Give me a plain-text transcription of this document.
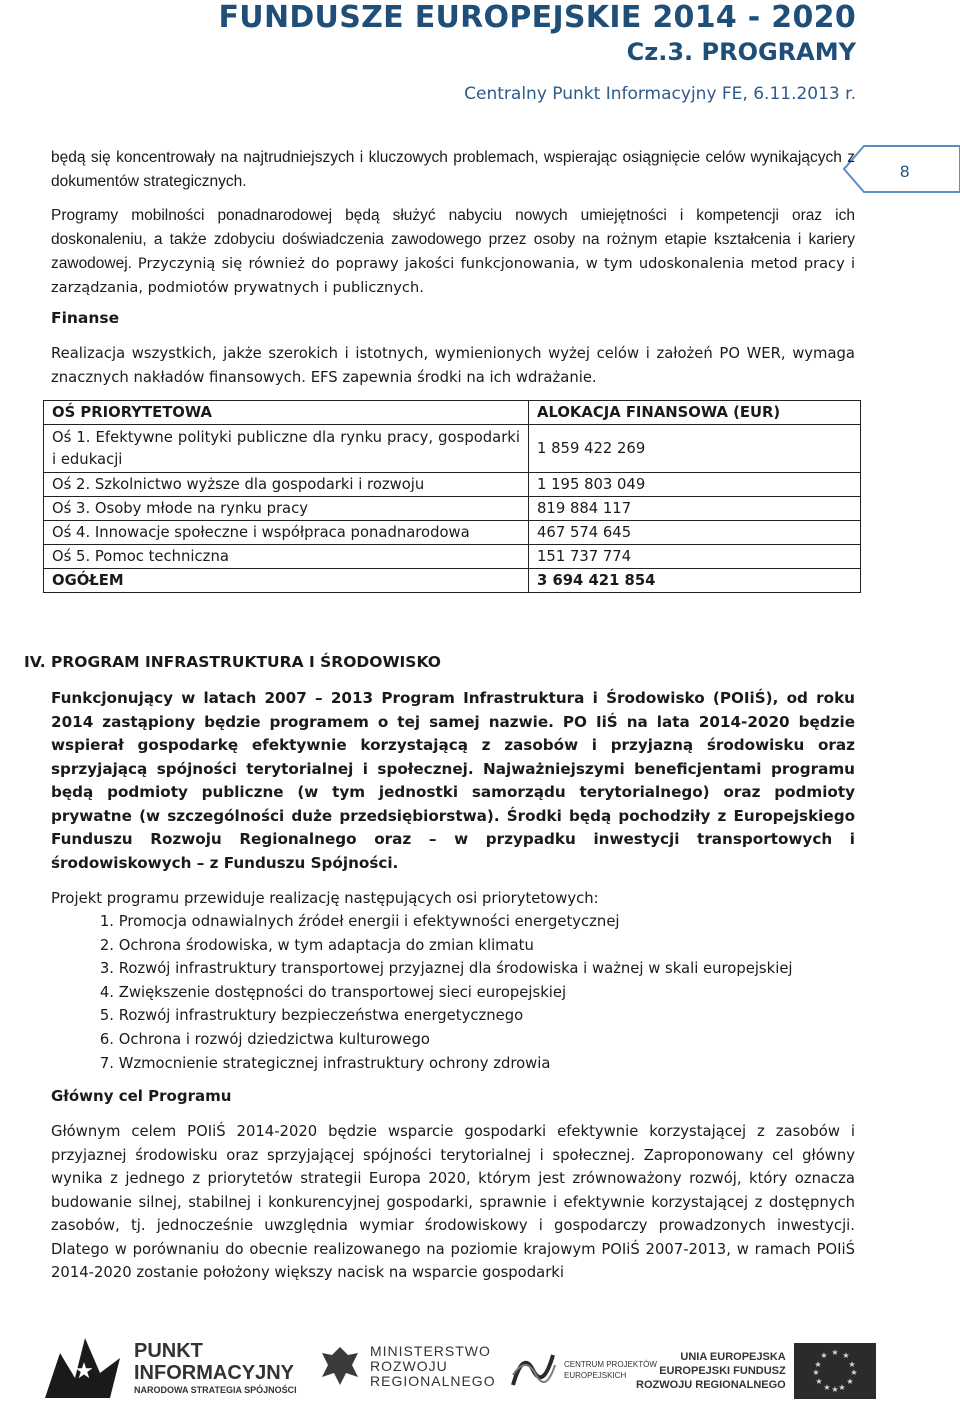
FUNDUSZE EUROPEJSKIE 2014 - 2020
Cz.3. PROGRAMY
Centralny Punkt Informacyjny FE, 6.11.2013 r.
8

będą się koncentrowały na najtrudniejszych i kluczowych problemach, wspierając osiągnięcie celów wynikających z dokumentów strategicznych.

Programy mobilności ponadnarodowej będą służyć nabyciu nowych umiejętności i kompetencji oraz ich doskonaleniu, a także zdobyciu doświadczenia zawodowego przez osoby na rożnym etapie kształcenia i kariery zawodowej. Przyczynią się również do poprawy jakości funkcjonowania, w tym udoskonalenia metod pracy i zarządzania, podmiotów prywatnych i publicznych.

Finanse

Realizacja wszystkich, jakże szerokich i istotnych, wymienionych wyżej celów i założeń PO WER, wymaga znacznych nakładów finansowych. EFS zapewnia środki na ich wdrażanie.

OŚ PRIORYTETOWA	ALOKACJA FINANSOWA (EUR)
Oś 1. Efektywne polityki publiczne dla rynku pracy, gospodarki i edukacji	1 859 422 269
Oś 2. Szkolnictwo wyższe dla gospodarki i rozwoju	1 195 803 049
Oś 3. Osoby młode na rynku pracy	819 884 117
Oś 4. Innowacje społeczne i współpraca ponadnarodowa	467 574 645
Oś 5. Pomoc techniczna	151 737 774
OGÓŁEM	3 694 421 854
IV. PROGRAM INFRASTRUKTURA I ŚRODOWISKO

Funkcjonujący w latach 2007 – 2013 Program Infrastruktura i Środowisko (POIiŚ), od roku 2014 zastąpiony będzie programem o tej samej nazwie. PO IiŚ na lata 2014-2020 będzie wspierał gospodarkę efektywnie korzystającą z zasobów i przyjazną środowisku oraz sprzyjającą spójności terytorialnej i społecznej. Najważniejszymi beneficjentami programu będą podmioty publiczne (w tym jednostki samorządu terytorialnego) oraz podmioty prywatne (w szczególności duże przedsiębiorstwa). Środki będą pochodziły z Europejskiego Funduszu Rozwoju Regionalnego oraz – w przypadku inwestycji transportowych i środowiskowych – z Funduszu Spójności.

Projekt programu przewiduje realizację następujących osi priorytetowych:

1. Promocja odnawialnych źródeł energii i efektywności energetycznej
2. Ochrona środowiska, w tym adaptacja do zmian klimatu
3. Rozwój infrastruktury transportowej przyjaznej dla środowiska i ważnej w skali europejskiej
4. Zwiększenie dostępności do transportowej sieci europejskiej
5. Rozwój infrastruktury bezpieczeństwa energetycznego
6. Ochrona i rozwój dziedzictwa kulturowego
7. Wzmocnienie strategicznej infrastruktury ochrony zdrowia
Główny cel Programu

Głównym celem POIiŚ 2014-2020 będzie wsparcie gospodarki efektywnie korzystającej z zasobów i przyjaznej środowisku oraz sprzyjającej spójności terytorialnej i społecznej. Zaproponowany cel główny wynika z jednego z priorytetów strategii Europa 2020, którym jest zrównoważony rozwój, który oznacza budowanie silnej, stabilnej i konkurencyjnej gospodarki, sprawnie i efektywnie korzystającej z dostępnych zasobów, tj. jednocześnie uwzględnia wymiar środowiskowy i gospodarczy prowadzonych inwestycji. Dlatego w porównaniu do obecnie realizowanego na poziomie krajowym POIiŚ 2007-2013, w ramach POIiŚ 2014-2020 zostanie położony większy nacisk na wsparcie gospodarki

★
PUNKT
INFORMACYJNY
NARODOWA STRATEGIA SPÓJNOŚCI
MINISTERSTWO
ROZWOJU
REGIONALNEGO
CENTRUM PROJEKTÓW
EUROPEJSKICH
UNIA EUROPEJSKA
EUROPEJSKI FUNDUSZ
ROZWOJU REGIONALNEGO
★ ★
★
★
★
★
★
★
★
★
★
★
